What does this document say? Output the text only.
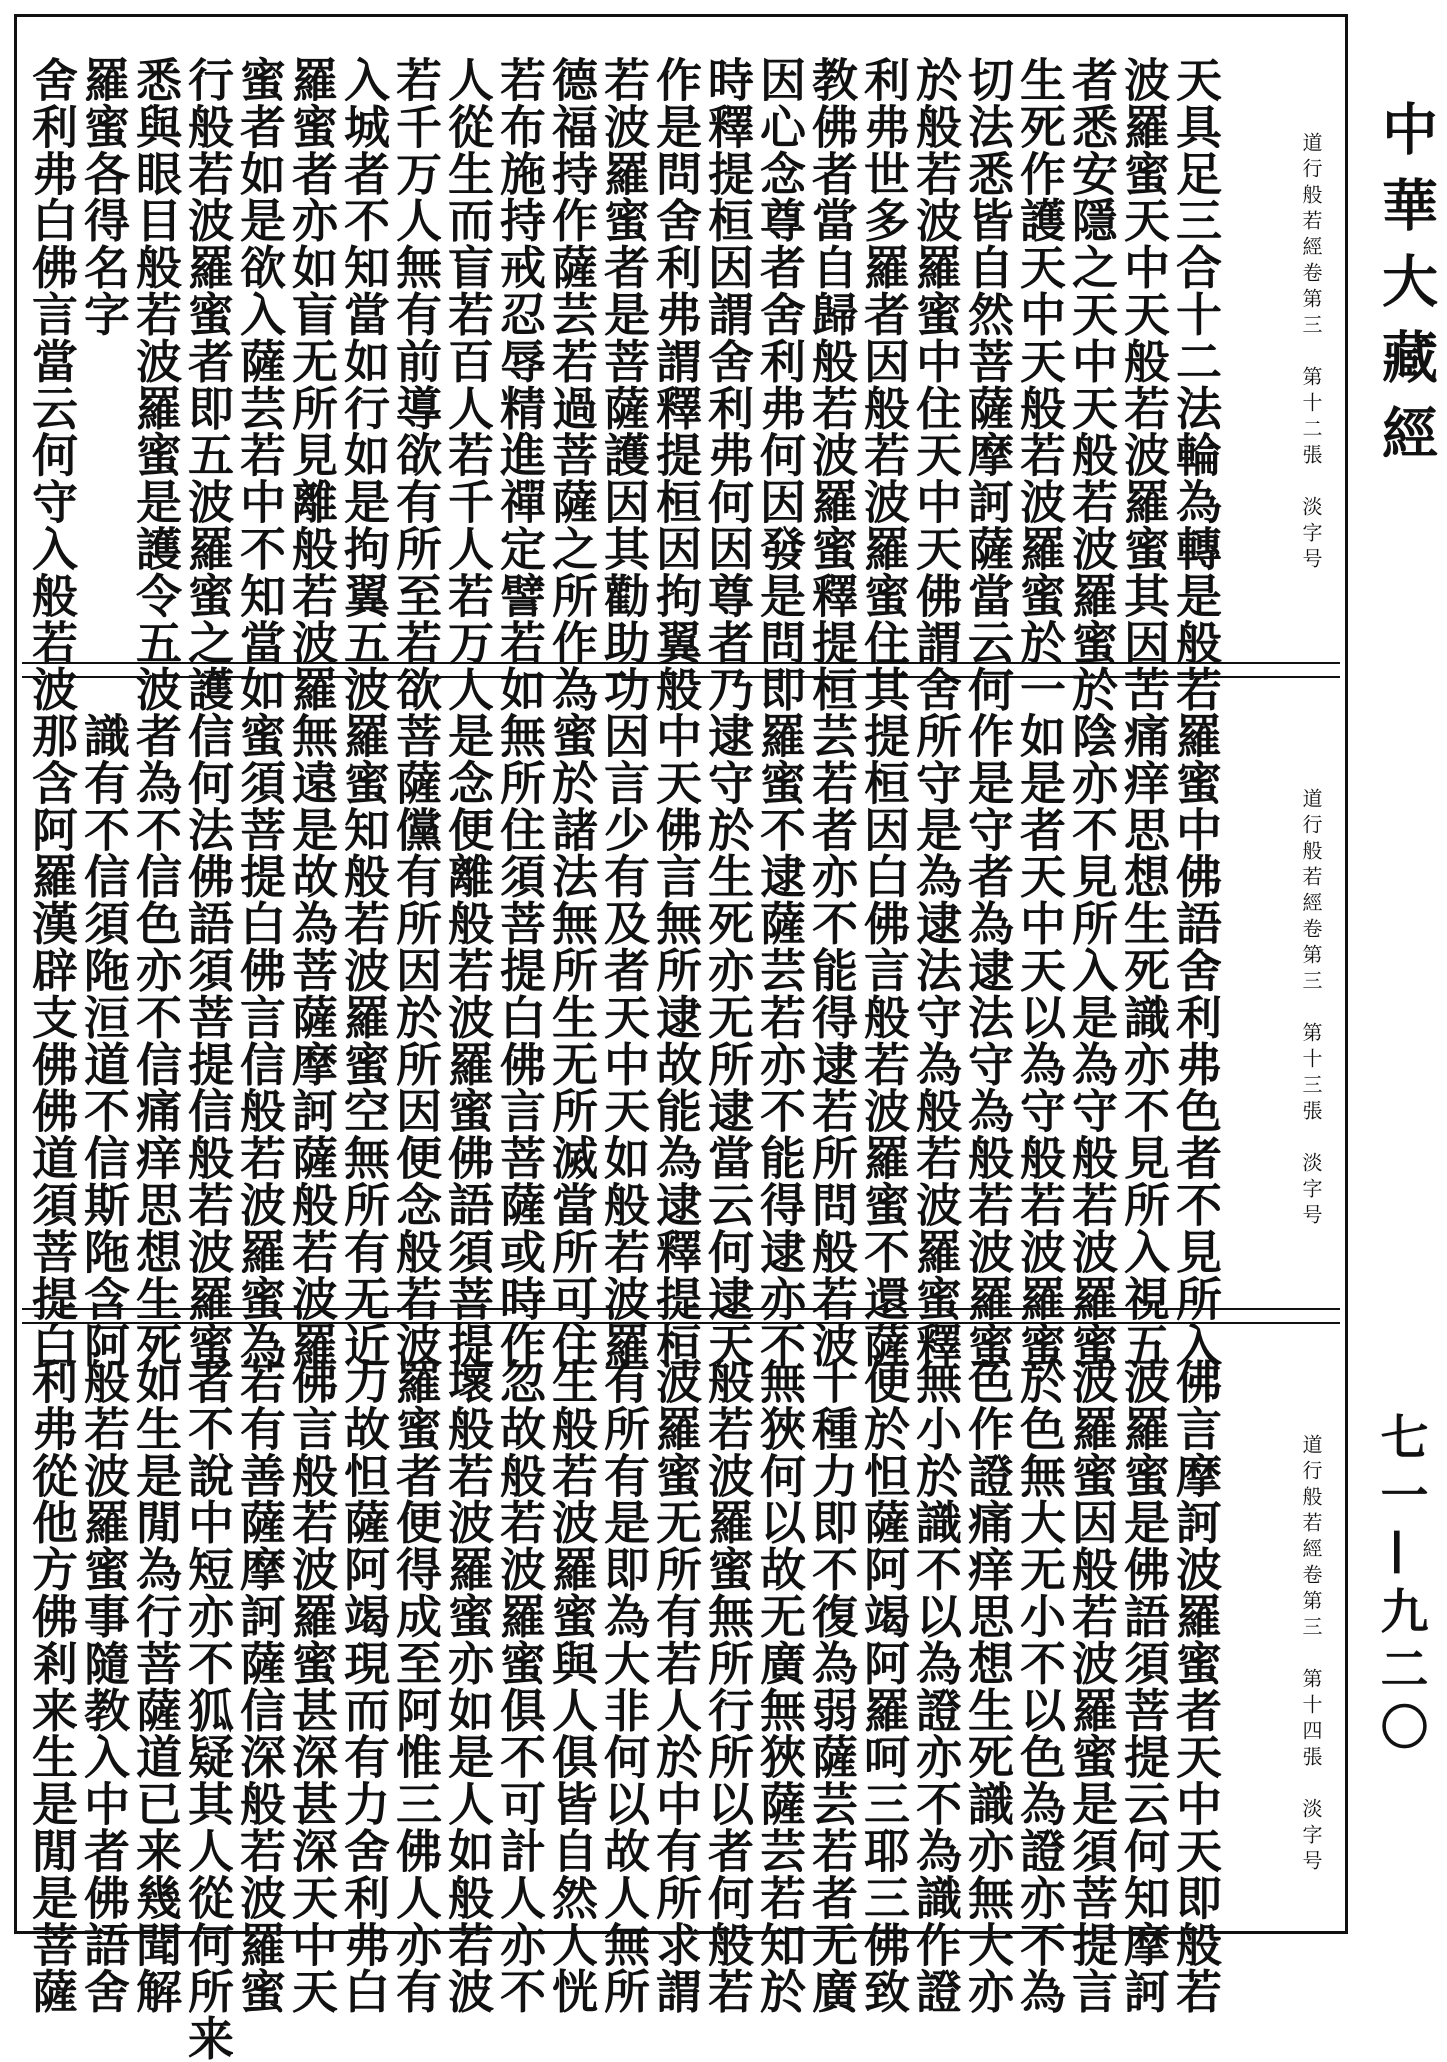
中華大藏經
七一—九二〇
道行般若經卷第三　第十二張　淡字号
天具足三合十二法輪為轉是般若
波羅蜜天中天般若波羅蜜其因苦
者悉安隱之天中天般若波羅蜜於
生死作護天中天般若波羅蜜於一
切法悉皆自然菩薩摩訶薩當云何
於般若波羅蜜中住天中天佛謂舍
利弗世多羅者因般若波羅蜜住其
教佛者當自歸般若波羅蜜釋提桓
因心念尊者舍利弗何因發是問即
時釋提桓因謂舍利弗何因尊者乃
作是問舍利弗謂釋提桓因拘翼般
若波羅蜜者是菩薩護因其勸助功
德福持作薩芸若過菩薩之所作為
若布施持戒忍辱精進禪定譬若如
人從生而盲若百人若千人若万人
若千万人無有前導欲有所至若欲
入城者不知當如行如是拘翼五波
羅蜜者亦如盲无所見離般若波羅
蜜者如是欲入薩芸若中不知當如
行般若波羅蜜者即五波羅蜜之護
悉與眼目般若波羅蜜是護令五波
羅蜜各得名字
舍利弗白佛言當云何守入般若波
道行般若經卷第三　第十三張　淡字号
羅蜜中佛語舍利弗色者不見所入
痛痒思想生死識亦不見所入視五
陰亦不見所入是為守般若波羅蜜
如是者天中天以為守般若波羅蜜
作是守者為逮法守為般若波羅蜜
所守是為逮法守為般若波羅蜜釋
提桓因白佛言般若波羅蜜不還薩
芸若者亦不能得逮若所問般若波
羅蜜不逮薩芸若亦不能得逮亦不
逮守於生死亦无所逮當云何逮天
中天佛言無所逮故能為逮釋提桓
因言少有及者天中天如般若波羅
蜜於諸法無所生无所滅當所可住
無所住須菩提白佛言菩薩或時作
是念便離般若波羅蜜佛語須菩提
菩薩儻有所因於所因便念般若波
羅蜜知般若波羅蜜空無所有无近
無遠是故為菩薩摩訶薩般若波羅
蜜須菩提白佛言信般若波羅蜜為
信何法佛語須菩提信般若波羅蜜
者為不信色亦不信痛痒思想生死
識有不信須陁洹道不信斯陁含阿
那含阿羅漢辟支佛佛道須菩提白
道行般若經卷第三　第十四張　淡字号
佛言摩訶波羅蜜者天中天即般若
波羅蜜是佛語須菩提云何知摩訶
波羅蜜因般若波羅蜜是須菩提言
於色無大无小不以色為證亦不為
色作證痛痒思想生死識亦無大亦
無小於識不以為證亦不為識作證
便於怛薩阿竭阿羅呵三耶三佛致
十種力即不復為弱薩芸若者无廣
無狹何以故无廣無狹薩芸若知於
般若波羅蜜無所行所以者何般若
波羅蜜无所有若人於中有所求謂
有所有是即為大非何以故人無所
生般若波羅蜜與人俱皆自然人恍
忽故般若波羅蜜俱不可計人亦不
壞般若波羅蜜亦如是人如般若波
羅蜜者便得成至阿惟三佛人亦有
力故怛薩阿竭現而有力舍利弗白
佛言般若波羅蜜甚深甚深天中天
若有善薩摩訶薩信深般若波羅蜜
者不說中短亦不狐疑其人從何所来
如生是閒為行菩薩道已来幾聞解
般若波羅蜜事隨教入中者佛語舍
利弗從他方佛剎来生是閒是菩薩
